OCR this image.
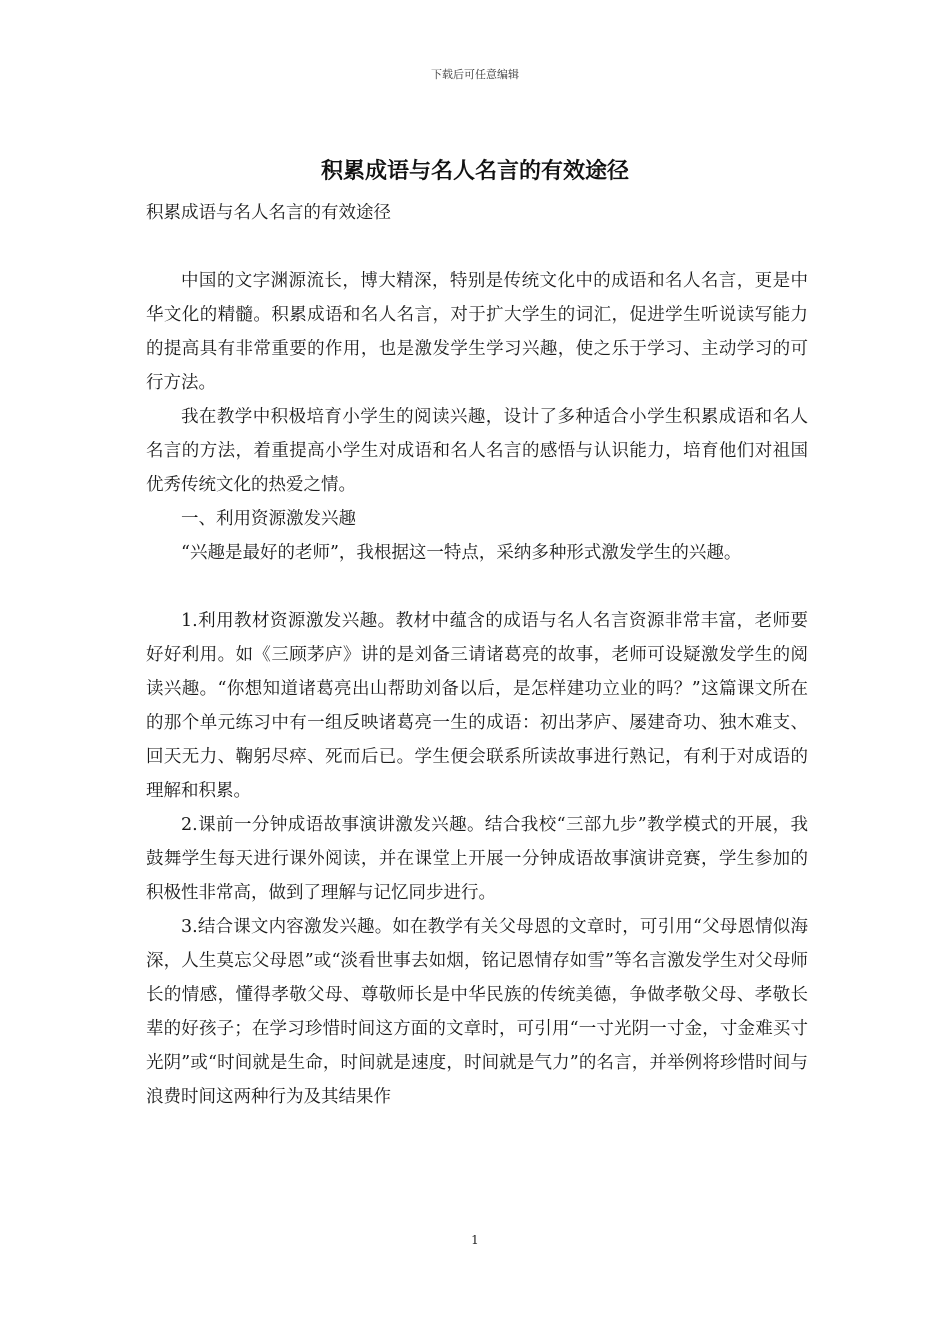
下载后可任意编辑
积累成语与名人名言的有效途径

积累成语与名人名言的有效途径

中国的文字渊源流长，博大精深，特别是传统文化中的成语和名人名言，更是中华文化的精髓。积累成语和名人名言，对于扩大学生的词汇，促进学生听说读写能力的提高具有非常重要的作用，也是激发学生学习兴趣，使之乐于学习、主动学习的可行方法。

我在教学中积极培育小学生的阅读兴趣，设计了多种适合小学生积累成语和名人名言的方法，着重提高小学生对成语和名人名言的感悟与认识能力，培育他们对祖国优秀传统文化的热爱之情。

一、利用资源激发兴趣

“兴趣是最好的老师”，我根据这一特点，采纳多种形式激发学生的兴趣。

1.利用教材资源激发兴趣。教材中蕴含的成语与名人名言资源非常丰富，老师要好好利用。如《三顾茅庐》讲的是刘备三请诸葛亮的故事，老师可设疑激发学生的阅读兴趣。“你想知道诸葛亮出山帮助刘备以后，是怎样建功立业的吗？”这篇课文所在的那个单元练习中有一组反映诸葛亮一生的成语：初出茅庐、屡建奇功、独木难支、回天无力、鞠躬尽瘁、死而后已。学生便会联系所读故事进行熟记，有利于对成语的理解和积累。

2.课前一分钟成语故事演讲激发兴趣。结合我校“三部九步”教学模式的开展，我鼓舞学生每天进行课外阅读，并在课堂上开展一分钟成语故事演讲竞赛，学生参加的积极性非常高，做到了理解与记忆同步进行。

3.结合课文内容激发兴趣。如在教学有关父母恩的文章时，可引用“父母恩情似海深，人生莫忘父母恩”或“淡看世事去如烟，铭记恩情存如雪”等名言激发学生对父母师长的情感，懂得孝敬父母、尊敬师长是中华民族的传统美德，争做孝敬父母、孝敬长辈的好孩子；在学习珍惜时间这方面的文章时，可引用“一寸光阴一寸金，寸金难买寸光阴”或“时间就是生命，时间就是速度，时间就是气力”的名言，并举例将珍惜时间与浪费时间这两种行为及其结果作

1
